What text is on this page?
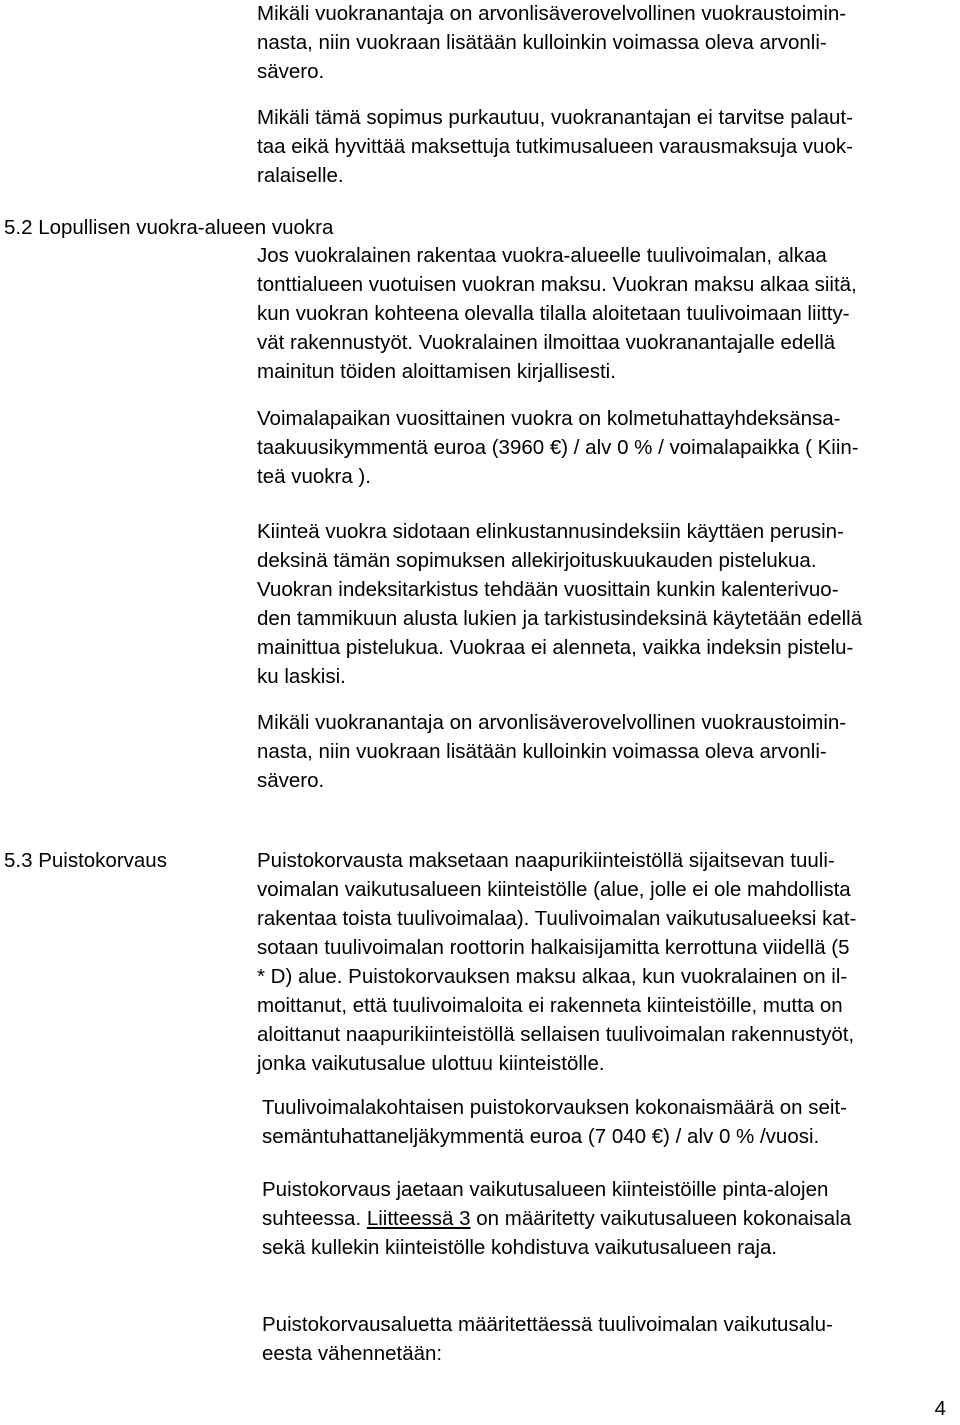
Mikäli vuokranantaja on arvonlisäverovelvollinen vuokraustoimin-
nasta, niin vuokraan lisätään kulloinkin voimassa oleva arvonli-
sävero.
Mikäli tämä sopimus purkautuu, vuokranantajan ei tarvitse palaut-
taa eikä hyvittää maksettuja tutkimusalueen varausmaksuja vuok-
ralaiselle.
5.2 Lopullisen vuokra-alueen vuokra
Jos vuokralainen rakentaa vuokra-alueelle tuulivoimalan, alkaa
tonttialueen vuotuisen vuokran maksu. Vuokran maksu alkaa siitä,
kun vuokran kohteena olevalla tilalla aloitetaan tuulivoimaan liitty-
vät rakennustyöt. Vuokralainen ilmoittaa vuokranantajalle edellä
mainitun töiden aloittamisen kirjallisesti.
Voimalapaikan vuosittainen vuokra on kolmetuhattayhdeksänsa-
taakuusikymmentä euroa (3960 €) / alv 0 % / voimalapaikka ( Kiin-
teä vuokra ).
Kiinteä vuokra sidotaan elinkustannusindeksiin käyttäen perusin-
deksinä tämän sopimuksen allekirjoituskuukauden pistelukua.
Vuokran indeksitarkistus tehdään vuosittain kunkin kalenterivuo-
den tammikuun alusta lukien ja tarkistusindeksinä käytetään edellä
mainittua pistelukua. Vuokraa ei alenneta, vaikka indeksin pistelu-
ku laskisi.
Mikäli vuokranantaja on arvonlisäverovelvollinen vuokraustoimin-
nasta, niin vuokraan lisätään kulloinkin voimassa oleva arvonli-
sävero.
5.3 Puistokorvaus	Puistokorvausta maksetaan naapurikiinteistöllä sijaitsevan tuuli-
voimalan vaikutusalueen kiinteistölle (alue, jolle ei ole mahdollista
rakentaa toista tuulivoimalaa). Tuulivoimalan vaikutusalueeksi kat-
sotaan tuulivoimalan roottorin halkaisijamitta kerrottuna viidellä (5
* D) alue. Puistokorvauksen maksu alkaa, kun vuokralainen on il-
moittanut, että tuulivoimaloita ei rakenneta kiinteistöille, mutta on
aloittanut naapurikiinteistöllä sellaisen tuulivoimalan rakennustyöt,
jonka vaikutusalue ulottuu kiinteistölle.
Tuulivoimalakohtaisen puistokorvauksen kokonaismäärä on seit-
semäntuhattaneljäkymmentä euroa (7 040 €) / alv 0 % /vuosi.
Puistokorvaus jaetaan vaikutusalueen kiinteistöille pinta-alojen
suhteessa. Liitteessä 3 on määritetty vaikutusalueen kokonaisala
sekä kullekin kiinteistölle kohdistuva vaikutusalueen raja.
Puistokorvausaluetta määritettäessä tuulivoimalan vaikutusalu-
eesta vähennetään:
4
